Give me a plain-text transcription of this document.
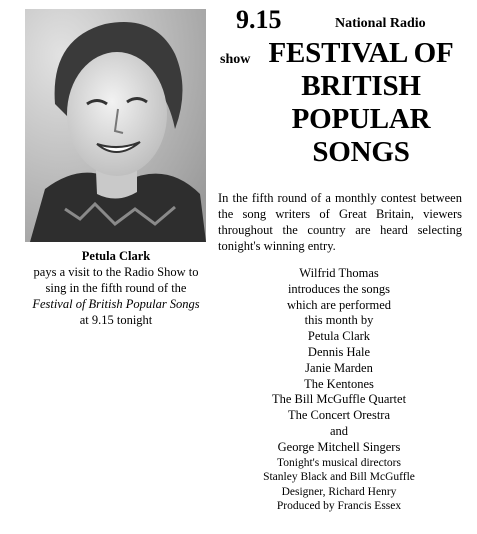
Petula Clark
pays a visit to the Radio Show to
sing in the fifth round of the
Festival of British Popular Songs
at 9.15 tonight
9.15	National Radio
show FESTIVAL OF
BRITISH
POPULAR
SONGS
In the fifth round of a monthly contest between the song writers of Great Britain, viewers throughout the country are heard selecting tonight's winning entry.
Wilfrid Thomas
introduces the songs
which are performed
this month by
Petula Clark
Dennis Hale
Janie Marden
The Kentones
The Bill McGuffle Quartet
The Concert Orestra
and
George Mitchell Singers
Tonight's musical directors
Stanley Black and Bill McGuffle
Designer, Richard Henry
Produced by Francis Essex
